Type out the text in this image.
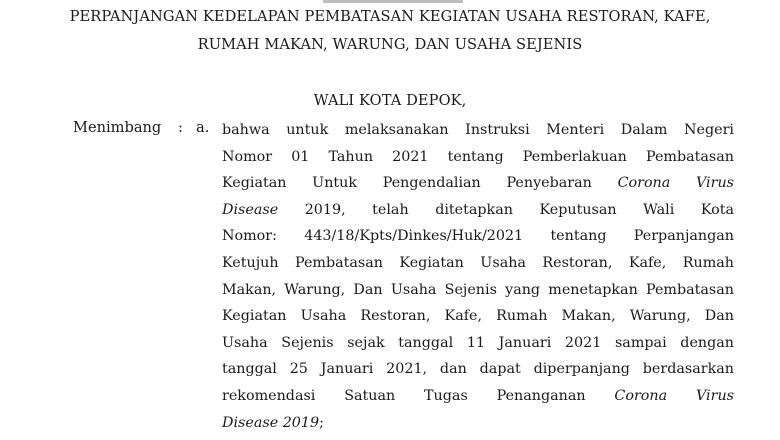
PERPANJANGAN KEDELAPAN PEMBATASAN KEGIATAN USAHA RESTORAN, KAFE,
RUMAH MAKAN, WARUNG, DAN USAHA SEJENIS
WALI KOTA DEPOK,
Menimbang : a. bahwa untuk melaksanakan Instruksi Menteri Dalam Negeri
Nomor 01 Tahun 2021 tentang Pemberlakuan Pembatasan
Kegiatan Untuk Pengendalian Penyebaran Corona Virus
Disease 2019, telah ditetapkan Keputusan Wali Kota
Nomor: 443/18/Kpts/Dinkes/Huk/2021 tentang Perpanjangan
Ketujuh Pembatasan Kegiatan Usaha Restoran, Kafe, Rumah
Makan, Warung, Dan Usaha Sejenis yang menetapkan Pembatasan
Kegiatan Usaha Restoran, Kafe, Rumah Makan, Warung, Dan
Usaha Sejenis sejak tanggal 11 Januari 2021 sampai dengan
tanggal 25 Januari 2021, dan dapat diperpanjang berdasarkan
rekomendasi Satuan Tugas Penanganan Corona Virus
Disease 2019;
